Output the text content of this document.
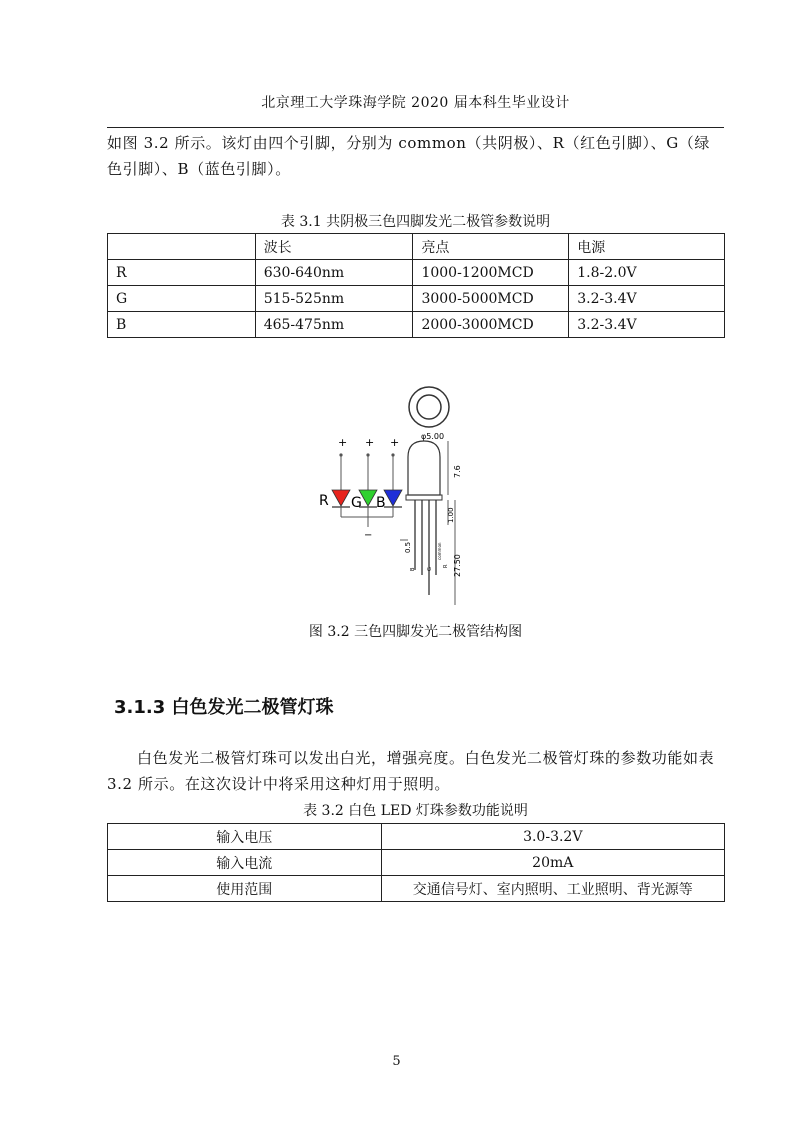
北京理工大学珠海学院 2020 届本科生毕业设计
如图 3.2 所示。该灯由四个引脚，分别为 common（共阴极）、R（红色引脚）、G（绿色引脚）、B（蓝色引脚）。
表 3.1 共阴极三色四脚发光二极管参数说明
	波长	亮点	电源
R	630-640nm	1000-1200MCD	1.8-2.0V
G	515-525nm	3000-5000MCD	3.2-3.4V
B	465-475nm	2000-3000MCD	3.2-3.4V
φ5.00
7.6
1.00
27.50
0.5
B G
common
R
+ + +
−
R G B
图 3.2 三色四脚发光二极管结构图
3.1.3 白色发光二极管灯珠
白色发光二极管灯珠可以发出白光，增强亮度。白色发光二极管灯珠的参数功能如表 3.2 所示。在这次设计中将采用这种灯用于照明。
表 3.2 白色 LED 灯珠参数功能说明
输入电压	3.0-3.2V
输入电流	20mA
使用范围	交通信号灯、室内照明、工业照明、背光源等
5
